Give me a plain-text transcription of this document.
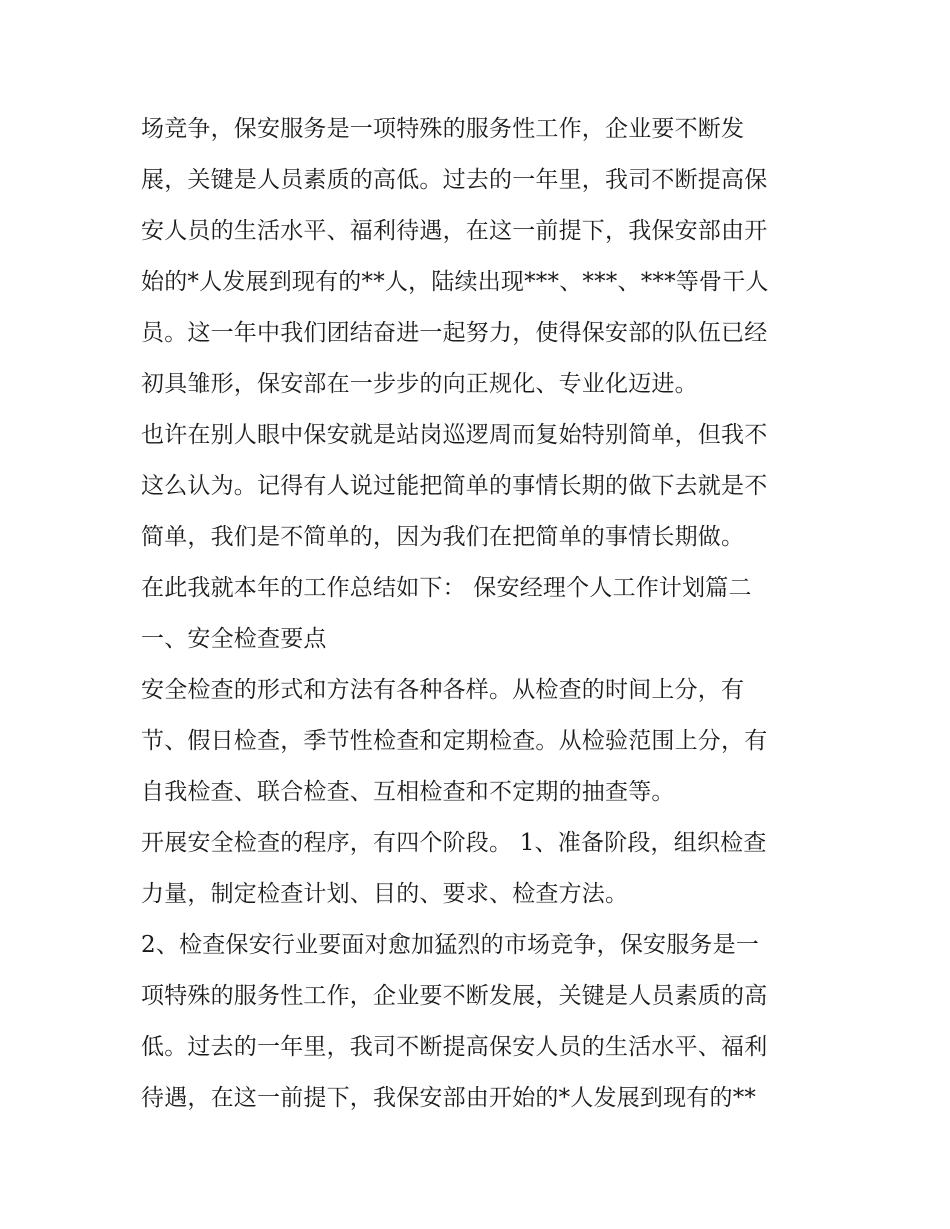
场竞争，保安服务是一项特殊的服务性工作，企业要不断发
展，关键是人员素质的高低。过去的一年里，我司不断提高保
安人员的生活水平、福利待遇，在这一前提下，我保安部由开
始的*人发展到现有的**人，陆续出现***、***、***等骨干人
员。这一年中我们团结奋进一起努力，使得保安部的队伍已经
初具雏形，保安部在一步步的向正规化、专业化迈进。
也许在别人眼中保安就是站岗巡逻周而复始特别简单，但我不
这么认为。记得有人说过能把简单的事情长期的做下去就是不
简单，我们是不简单的，因为我们在把简单的事情长期做。
在此我就本年的工作总结如下： 保安经理个人工作计划篇二
一、安全检查要点
安全检查的形式和方法有各种各样。从检查的时间上分，有
节、假日检查，季节性检查和定期检查。从检验范围上分，有
自我检查、联合检查、互相检查和不定期的抽查等。
开展安全检查的程序，有四个阶段。 1、准备阶段，组织检查
力量，制定检查计划、目的、要求、检查方法。
2、检查保安行业要面对愈加猛烈的市场竞争，保安服务是一
项特殊的服务性工作，企业要不断发展，关键是人员素质的高
低。过去的一年里，我司不断提高保安人员的生活水平、福利
待遇，在这一前提下，我保安部由开始的*人发展到现有的**
